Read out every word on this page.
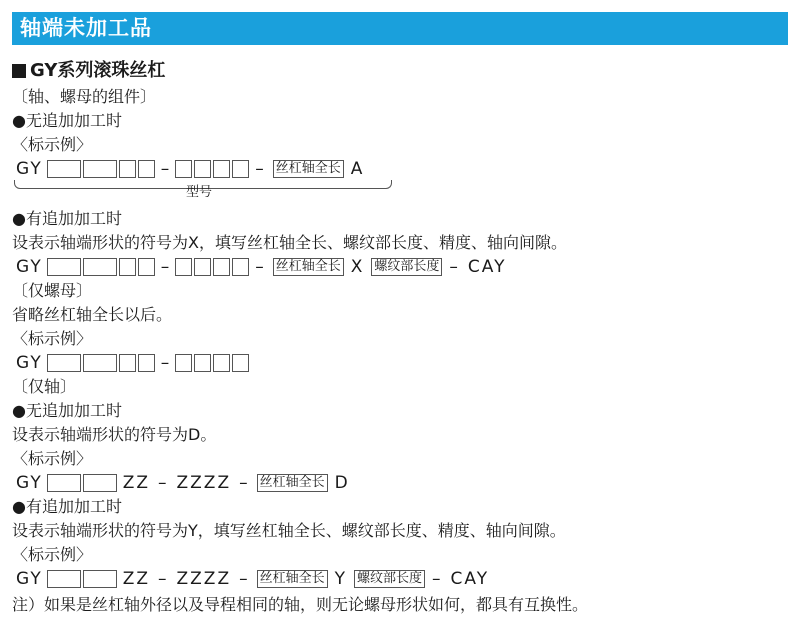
轴端未加工品
GY系列滚珠丝杠
〔轴、螺母的组件〕
●无追加加工时
〈标示例〉
GY	–	– 丝杠轴全长 A
型号
●有追加加工时
设表示轴端形状的符号为X，填写丝杠轴全长、螺纹部长度、精度、轴向间隙。
GY	–	– 丝杠轴全长 X 螺纹部长度 – CAY
〔仅螺母〕
省略丝杠轴全长以后。
〈标示例〉
GY	–
〔仅轴〕
●无追加加工时
设表示轴端形状的符号为D。
〈标示例〉
GY	ZZ – ZZZZ – 丝杠轴全长 D
●有追加加工时
设表示轴端形状的符号为Y，填写丝杠轴全长、螺纹部长度、精度、轴向间隙。
〈标示例〉
GY	ZZ – ZZZZ – 丝杠轴全长 Y 螺纹部长度 – CAY
注）如果是丝杠轴外径以及导程相同的轴，则无论螺母形状如何，都具有互换性。
